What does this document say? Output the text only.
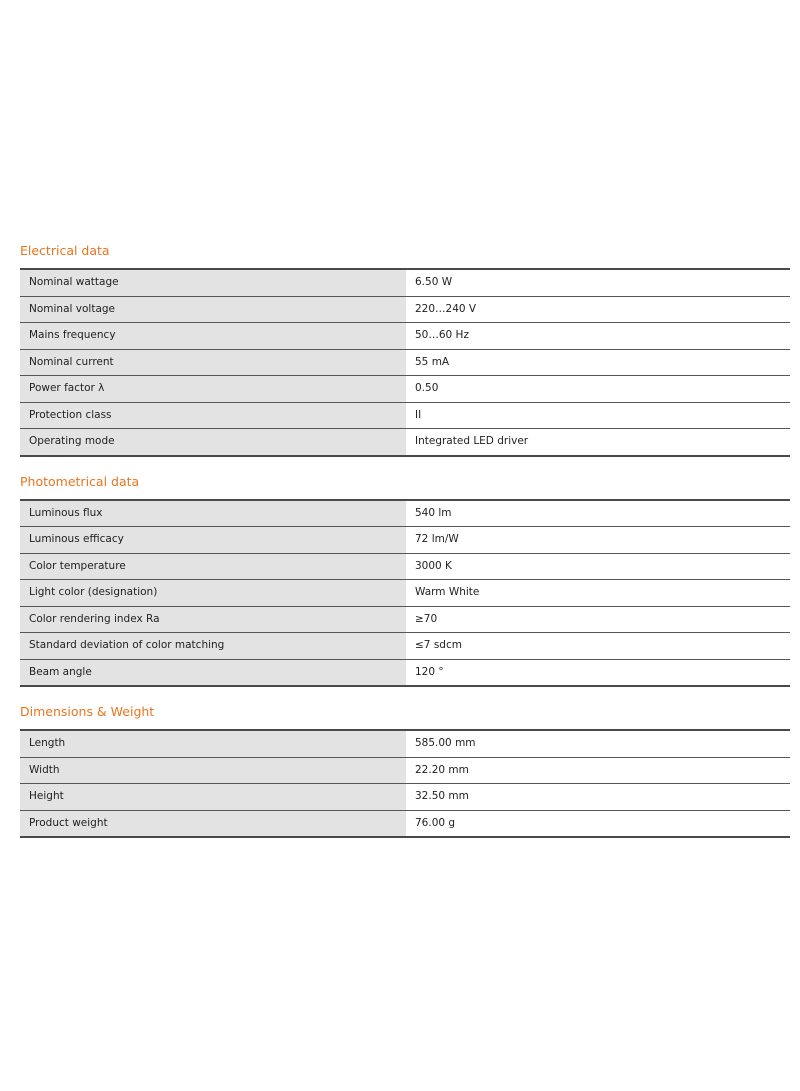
Electrical data
Nominal wattage	6.50 W
Nominal voltage	220…240 V
Mains frequency	50…60 Hz
Nominal current	55 mA
Power factor λ	0.50
Protection class	II
Operating mode	Integrated LED driver
Photometrical data
Luminous flux	540 lm
Luminous efficacy	72 lm/W
Color temperature	3000 K
Light color (designation)	Warm White
Color rendering index Ra	≥70
Standard deviation of color matching	≤7 sdcm
Beam angle	120 °
Dimensions & Weight
Length	585.00 mm
Width	22.20 mm
Height	32.50 mm
Product weight	76.00 g
